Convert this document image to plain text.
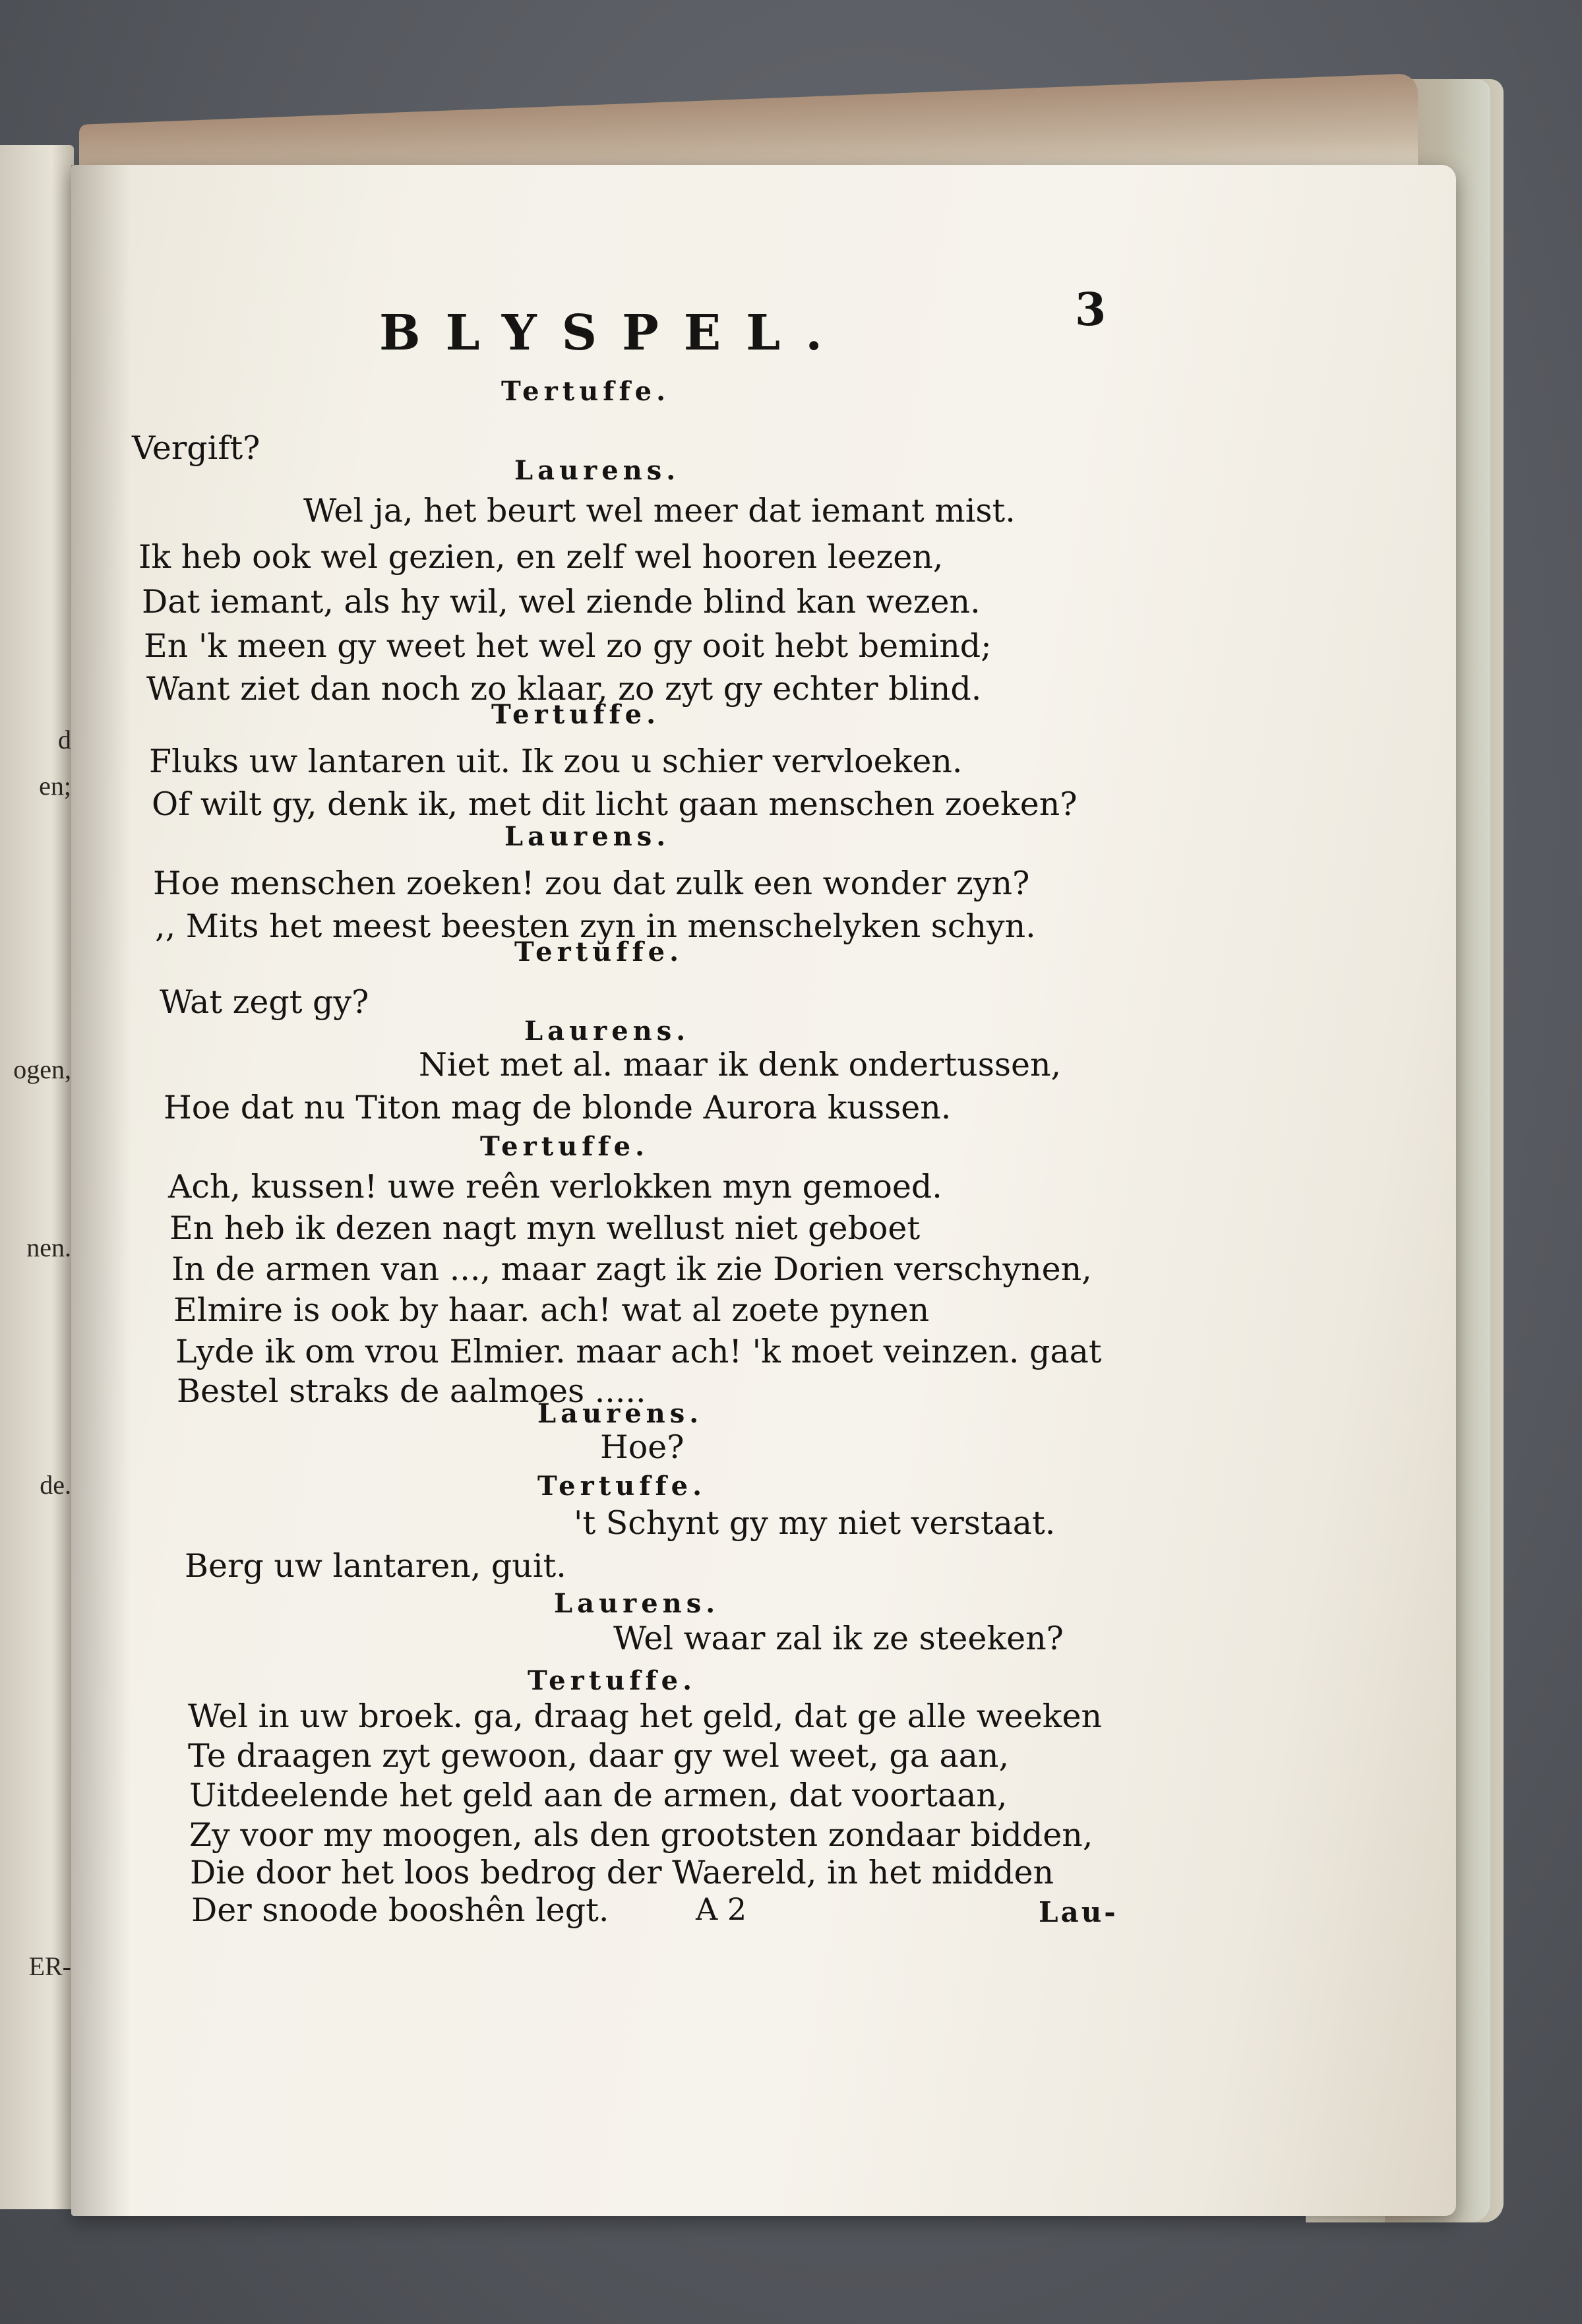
d
en;
ogen,
nen.
de.
ER-
BLYSPEL.	3
Tertuffe.
Vergift?
Laurens.
Wel ja, het beurt wel meer dat iemant mist.
Ik heb ook wel gezien, en zelf wel hooren leezen,
Dat iemant, als hy wil, wel ziende blind kan wezen.
En 'k meen gy weet het wel zo gy ooit hebt bemind;
Want ziet dan noch zo klaar, zo zyt gy echter blind.
Tertuffe.
Fluks uw lantaren uit. Ik zou u schier vervloeken.
Of wilt gy, denk ik, met dit licht gaan menschen zoeken?
Laurens.
Hoe menschen zoeken! zou dat zulk een wonder zyn?
,, Mits het meest beesten zyn in menschelyken schyn.
Tertuffe.
Wat zegt gy?
Laurens.
Niet met al. maar ik denk ondertussen,
Hoe dat nu Titon mag de blonde Aurora kussen.
Tertuffe.
Ach, kussen! uwe reên verlokken myn gemoed.
En heb ik dezen nagt myn wellust niet geboet
In de armen van ..., maar zagt ik zie Dorien verschynen,
Elmire is ook by haar. ach! wat al zoete pynen
Lyde ik om vrou Elmier. maar ach! 'k moet veinzen. gaat
Bestel straks de aalmoes .....
Laurens.
Hoe?
Tertuffe.
't Schynt gy my niet verstaat.
Berg uw lantaren, guit.
Laurens.
Wel waar zal ik ze steeken?
Tertuffe.
Wel in uw broek. ga, draag het geld, dat ge alle weeken
Te draagen zyt gewoon, daar gy wel weet, ga aan,
Uitdeelende het geld aan de armen, dat voortaan,
Zy voor my moogen, als den grootsten zondaar bidden,
Die door het loos bedrog der Waereld, in het midden
Der snoode booshên legt.	A 2	Lau-
